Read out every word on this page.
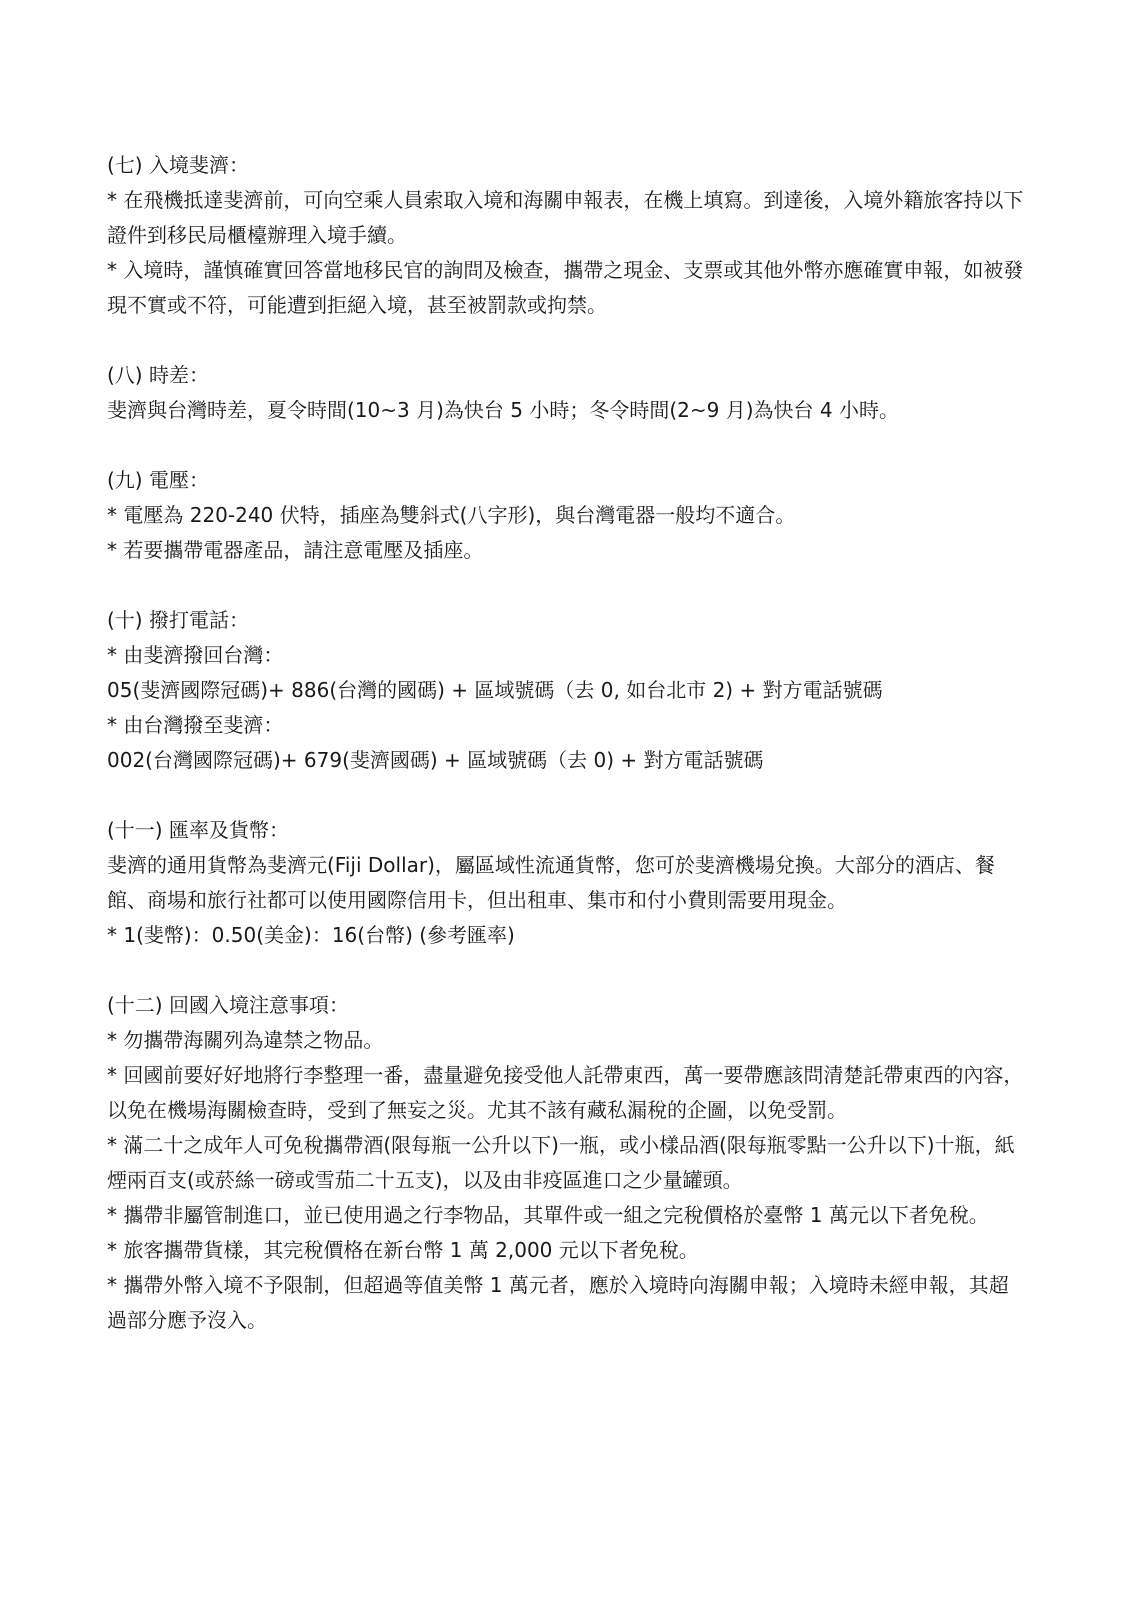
(七) 入境斐濟：

* 在飛機抵達斐濟前，可向空乘人員索取入境和海關申報表，在機上填寫。到達後，入境外籍旅客持以下證件到移民局櫃檯辦理入境手續。

* 入境時，謹慎確實回答當地移民官的詢問及檢查，攜帶之現金、支票或其他外幣亦應確實申報，如被發現不實或不符，可能遭到拒絕入境，甚至被罰款或拘禁。

(八) 時差：

斐濟與台灣時差，夏令時間(10~3 月)為快台 5 小時；冬令時間(2~9 月)為快台 4 小時。

(九) 電壓：

* 電壓為 220-240 伏特，插座為雙斜式(八字形)，與台灣電器一般均不適合。

* 若要攜帶電器產品，請注意電壓及插座。

(十) 撥打電話：

* 由斐濟撥回台灣：

05(斐濟國際冠碼)+ 886(台灣的國碼) + 區域號碼（去 0, 如台北市 2) + 對方電話號碼

* 由台灣撥至斐濟：

002(台灣國際冠碼)+ 679(斐濟國碼) + 區域號碼（去 0) + 對方電話號碼

(十一) 匯率及貨幣：

斐濟的通用貨幣為斐濟元(Fiji Dollar)，屬區域性流通貨幣，您可於斐濟機場兌換。大部分的酒店、餐館、商場和旅行社都可以使用國際信用卡，但出租車、集市和付小費則需要用現金。

* 1(斐幣)：0.50(美金)：16(台幣) (參考匯率)

(十二) 回國入境注意事項：

* 勿攜帶海關列為違禁之物品。

* 回國前要好好地將行李整理一番，盡量避免接受他人託帶東西，萬一要帶應該問清楚託帶東西的內容，以免在機場海關檢查時，受到了無妄之災。尤其不該有藏私漏稅的企圖，以免受罰。

* 滿二十之成年人可免稅攜帶酒(限每瓶一公升以下)一瓶，或小樣品酒(限每瓶零點一公升以下)十瓶，紙煙兩百支(或菸絲一磅或雪茄二十五支)，以及由非疫區進口之少量罐頭。

* 攜帶非屬管制進口，並已使用過之行李物品，其單件或一組之完稅價格於臺幣 1 萬元以下者免稅。

* 旅客攜帶貨樣，其完稅價格在新台幣 1 萬 2,000 元以下者免稅。

* 攜帶外幣入境不予限制，但超過等值美幣 1 萬元者，應於入境時向海關申報；入境時未經申報，其超過部分應予沒入。
